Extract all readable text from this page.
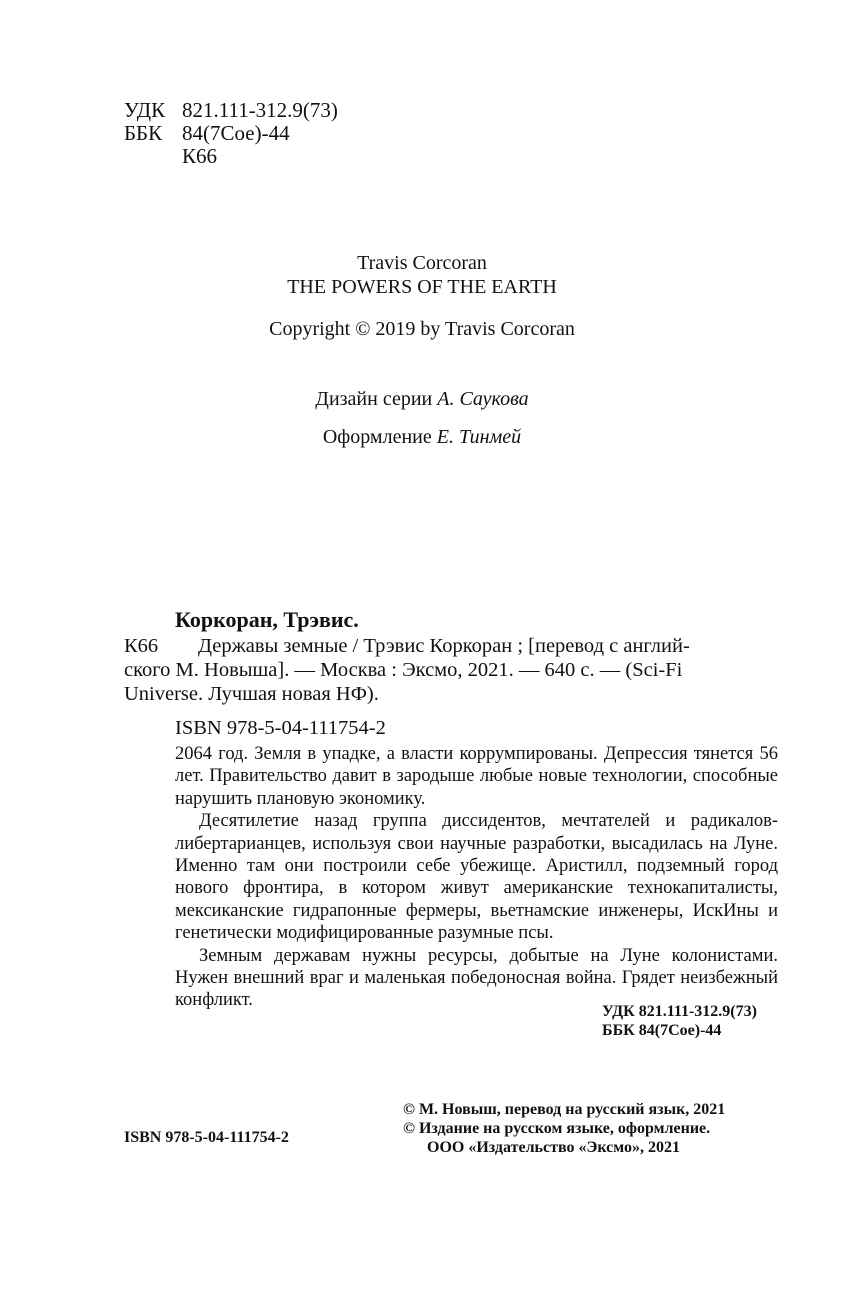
УДК 821.111-312.9(73)
ББК 84(7Сое)-44
К66
Travis Corcoran
THE POWERS OF THE EARTH
Copyright © 2019 by Travis Corcoran
Дизайн серии А. Саукова
Оформление Е. Тинмей
Коркоран, Трэвис.
К66 Державы земные / Трэвис Коркоран ; [перевод с англий-
ского М. Новыша]. — Москва : Эксмо, 2021. — 640 с. — (Sci-Fi
Universe. Лучшая новая НФ).
ISBN 978-5-04-111754-2

2064 год. Земля в упадке, а власти коррумпированы. Депрессия тянется 56 лет. Правительство давит в зародыше любые новые технологии, способные нарушить плановую экономику.

Десятилетие назад группа диссидентов, мечтателей и радикалов-либертарианцев, используя свои научные разработки, высадилась на Луне. Именно там они построили себе убежище. Аристилл, подземный город нового фронтира, в котором живут американские технокапиталисты, мексиканские гидрапонные фермеры, вьетнамские инженеры, ИскИны и генетически модифицированные разумные псы.

Земным державам нужны ресурсы, добытые на Луне колонистами. Нужен внешний враг и маленькая победоносная война. Грядет неизбежный конфликт.

УДК 821.111-312.9(73)
ББК 84(7Сое)-44
© М. Новыш, перевод на русский язык, 2021
© Издание на русском языке, оформление.
ООО «Издательство «Эксмо», 2021
ISBN 978-5-04-111754-2
